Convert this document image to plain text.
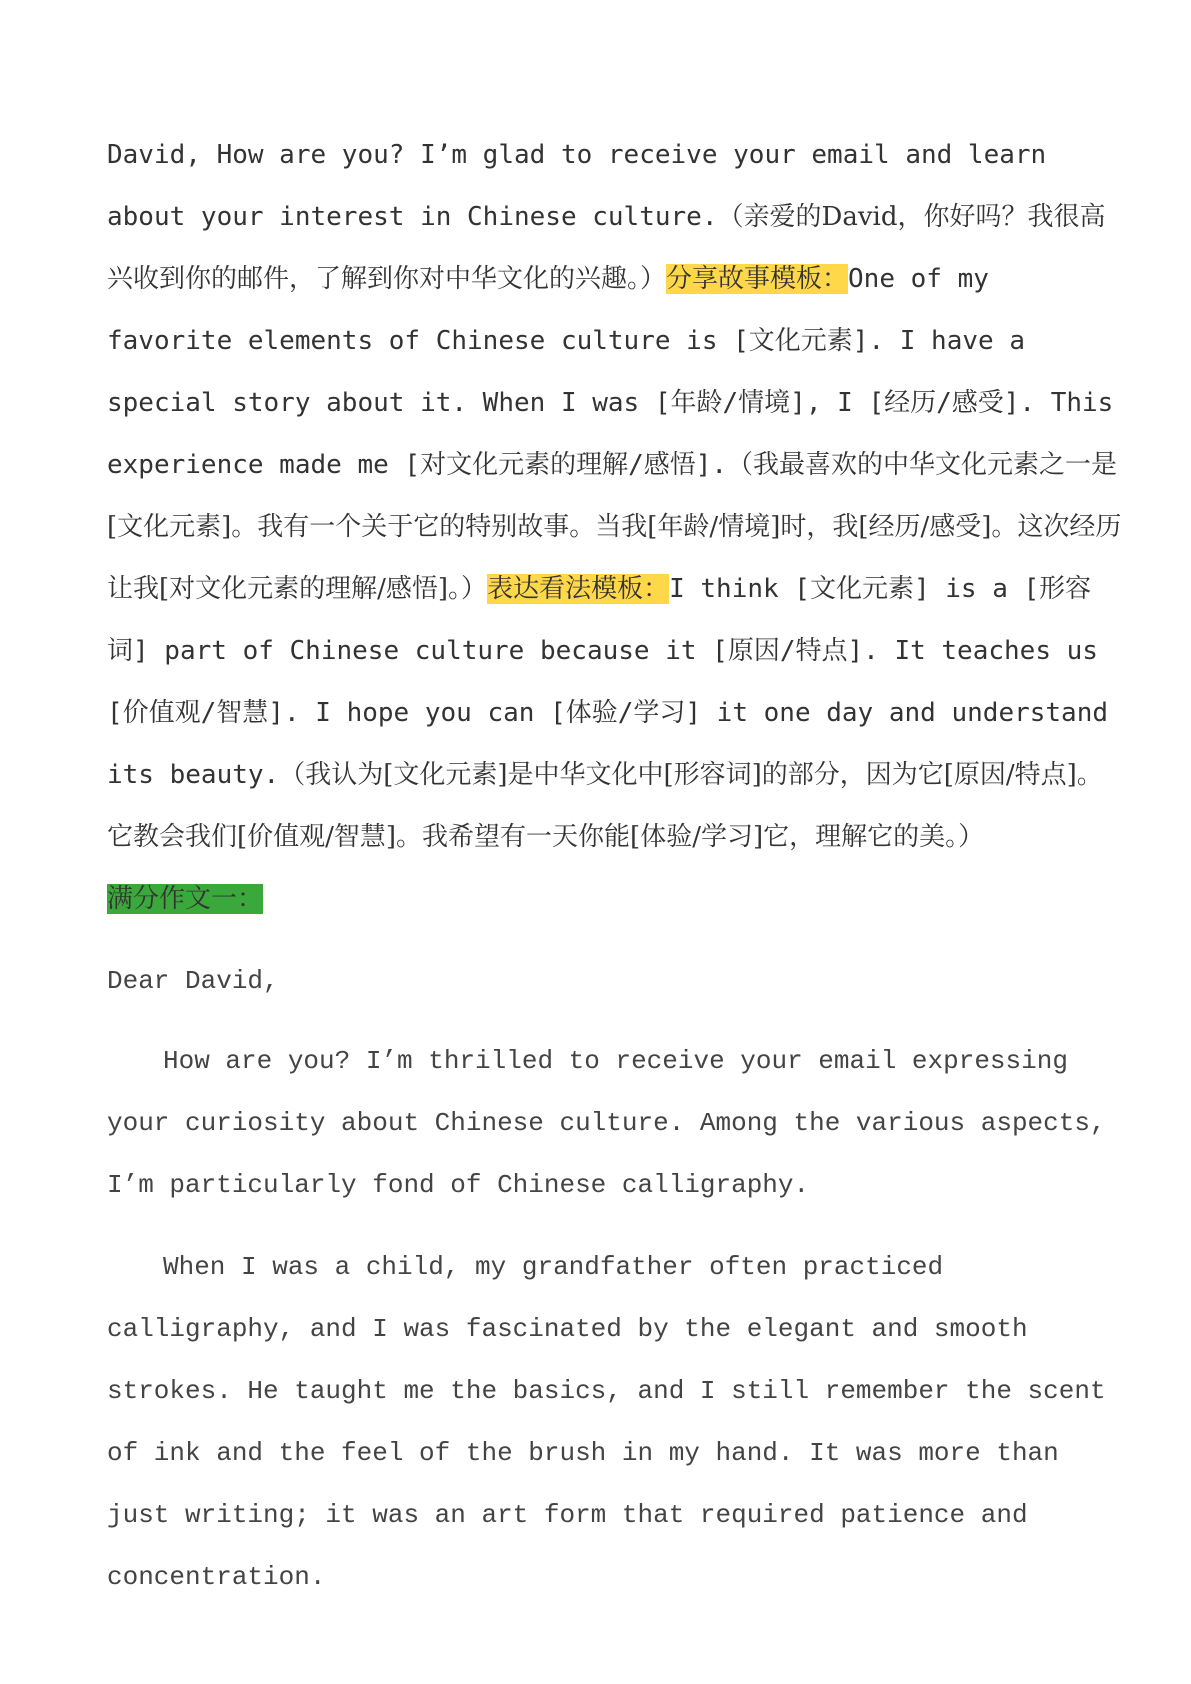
David, How are you? I’m glad to receive your email and learn about your interest in Chinese culture.（亲爱的David，你好吗？我很高兴收到你的邮件，了解到你对中华文化的兴趣。）分享故事模板：One of my favorite elements of Chinese culture is [文化元素]. I have a special story about it. When I was [年龄/情境], I [经历/感受]. This experience made me [对文化元素的理解/感悟].（我最喜欢的中华文化元素之一是[文化元素]。我有一个关于它的特别故事。当我[年龄/情境]时，我[经历/感受]。这次经历让我[对文化元素的理解/感悟]。）表达看法模板：I think [文化元素] is a [形容词] part of Chinese culture because it [原因/特点]. It teaches us [价值观/智慧]. I hope you can [体验/学习] it one day and understand its beauty.（我认为[文化元素]是中华文化中[形容词]的部分，因为它[原因/特点]。它教会我们[价值观/智慧]。我希望有一天你能[体验/学习]它，理解它的美。）

满分作文一：

Dear David,

How are you? I’m thrilled to receive your email expressing your curiosity about Chinese culture. Among the various aspects, I’m particularly fond of Chinese calligraphy.

When I was a child, my grandfather often practiced calligraphy, and I was fascinated by the elegant and smooth strokes. He taught me the basics, and I still remember the scent of ink and the feel of the brush in my hand. It was more than just writing; it was an art form that required patience and concentration.
